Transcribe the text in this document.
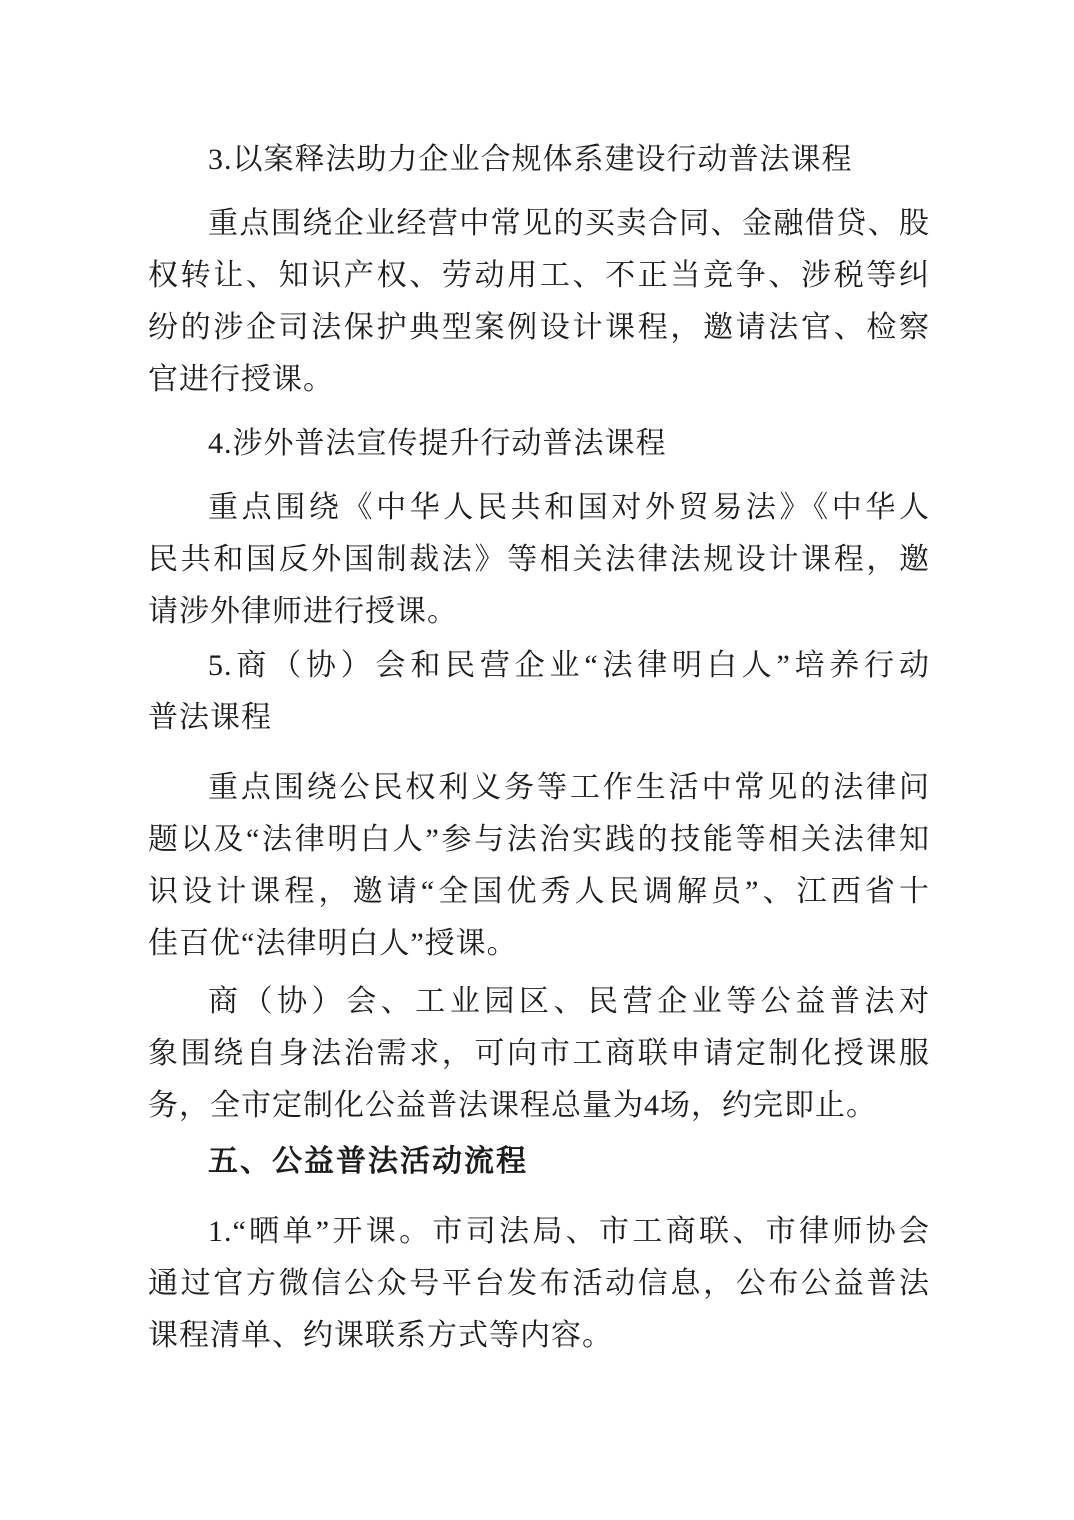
3.以案释法助力企业合规体系建设行动普法课程
重点围绕企业经营中常见的买卖合同、金融借贷、股
权转让、知识产权、劳动用工、不正当竞争、涉税等纠
纷的涉企司法保护典型案例设计课程，邀请法官、检察
官进行授课。
4.涉外普法宣传提升行动普法课程
重点围绕《中华人民共和国对外贸易法》《中华人
民共和国反外国制裁法》等相关法律法规设计课程，邀
请涉外律师进行授课。
5.商（协）会和民营企业“法律明白人”培养行动
普法课程
重点围绕公民权利义务等工作生活中常见的法律问
题以及“法律明白人”参与法治实践的技能等相关法律知
识设计课程，邀请“全国优秀人民调解员”、江西省十
佳百优“法律明白人”授课。
商（协）会、工业园区、民营企业等公益普法对
象围绕自身法治需求，可向市工商联申请定制化授课服
务，全市定制化公益普法课程总量为4场，约完即止。
五、公益普法活动流程
1.“晒单”开课。市司法局、市工商联、市律师协会
通过官方微信公众号平台发布活动信息，公布公益普法
课程清单、约课联系方式等内容。
